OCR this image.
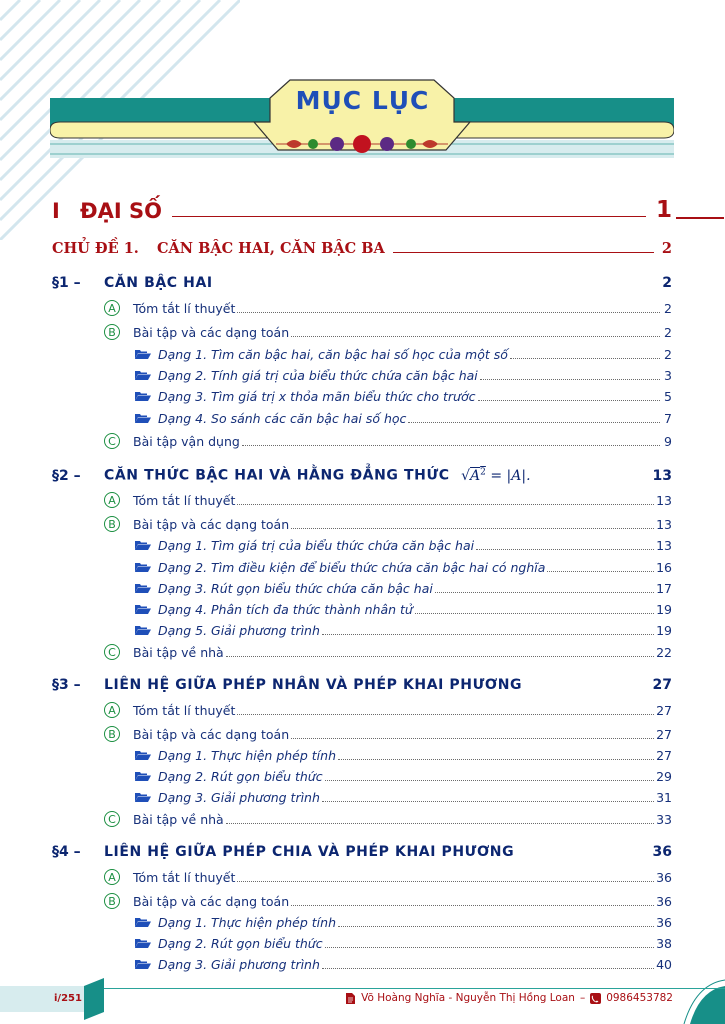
MỤC LỤC
I ĐẠI SỐ	1
CHỦ ĐỀ 1.	CĂN BẬC HAI, CĂN BẬC BA	2
§1 –	CĂN BẬC HAI	2
A	Tóm tắt lí thuyết	2
B	Bài tập và các dạng toán	2
Dạng 1. Tìm căn bậc hai, căn bậc hai số học của một số	2
Dạng 2. Tính giá trị của biểu thức chứa căn bậc hai	3
Dạng 3. Tìm giá trị x thỏa mãn biểu thức cho trước	5
Dạng 4. So sánh các căn bậc hai số học	7
C	Bài tập vận dụng	9
§2 –	CĂN THỨC BẬC HAI VÀ HẰNG ĐẲNG THỨC $√A^2 = |A|$.	13
A	Tóm tắt lí thuyết	13
B	Bài tập và các dạng toán	13
Dạng 1. Tìm giá trị của biểu thức chứa căn bậc hai	13
Dạng 2. Tìm điều kiện để biểu thức chứa căn bậc hai có nghĩa	16
Dạng 3. Rút gọn biểu thức chứa căn bậc hai	17
Dạng 4. Phân tích đa thức thành nhân tử	19
Dạng 5. Giải phương trình	19
C	Bài tập về nhà	22
§3 –	LIÊN HỆ GIỮA PHÉP NHÂN VÀ PHÉP KHAI PHƯƠNG	27
A	Tóm tắt lí thuyết	27
B	Bài tập và các dạng toán	27
Dạng 1. Thực hiện phép tính	27
Dạng 2. Rút gọn biểu thức	29
Dạng 3. Giải phương trình	31
C	Bài tập về nhà	33
§4 –	LIÊN HỆ GIỮA PHÉP CHIA VÀ PHÉP KHAI PHƯƠNG	36
A	Tóm tắt lí thuyết	36
B	Bài tập và các dạng toán	36
Dạng 1. Thực hiện phép tính	36
Dạng 2. Rút gọn biểu thức	38
Dạng 3. Giải phương trình	40
i/251	Võ Hoàng Nghĩa - Nguyễn Thị Hồng Loan – 0986453782
